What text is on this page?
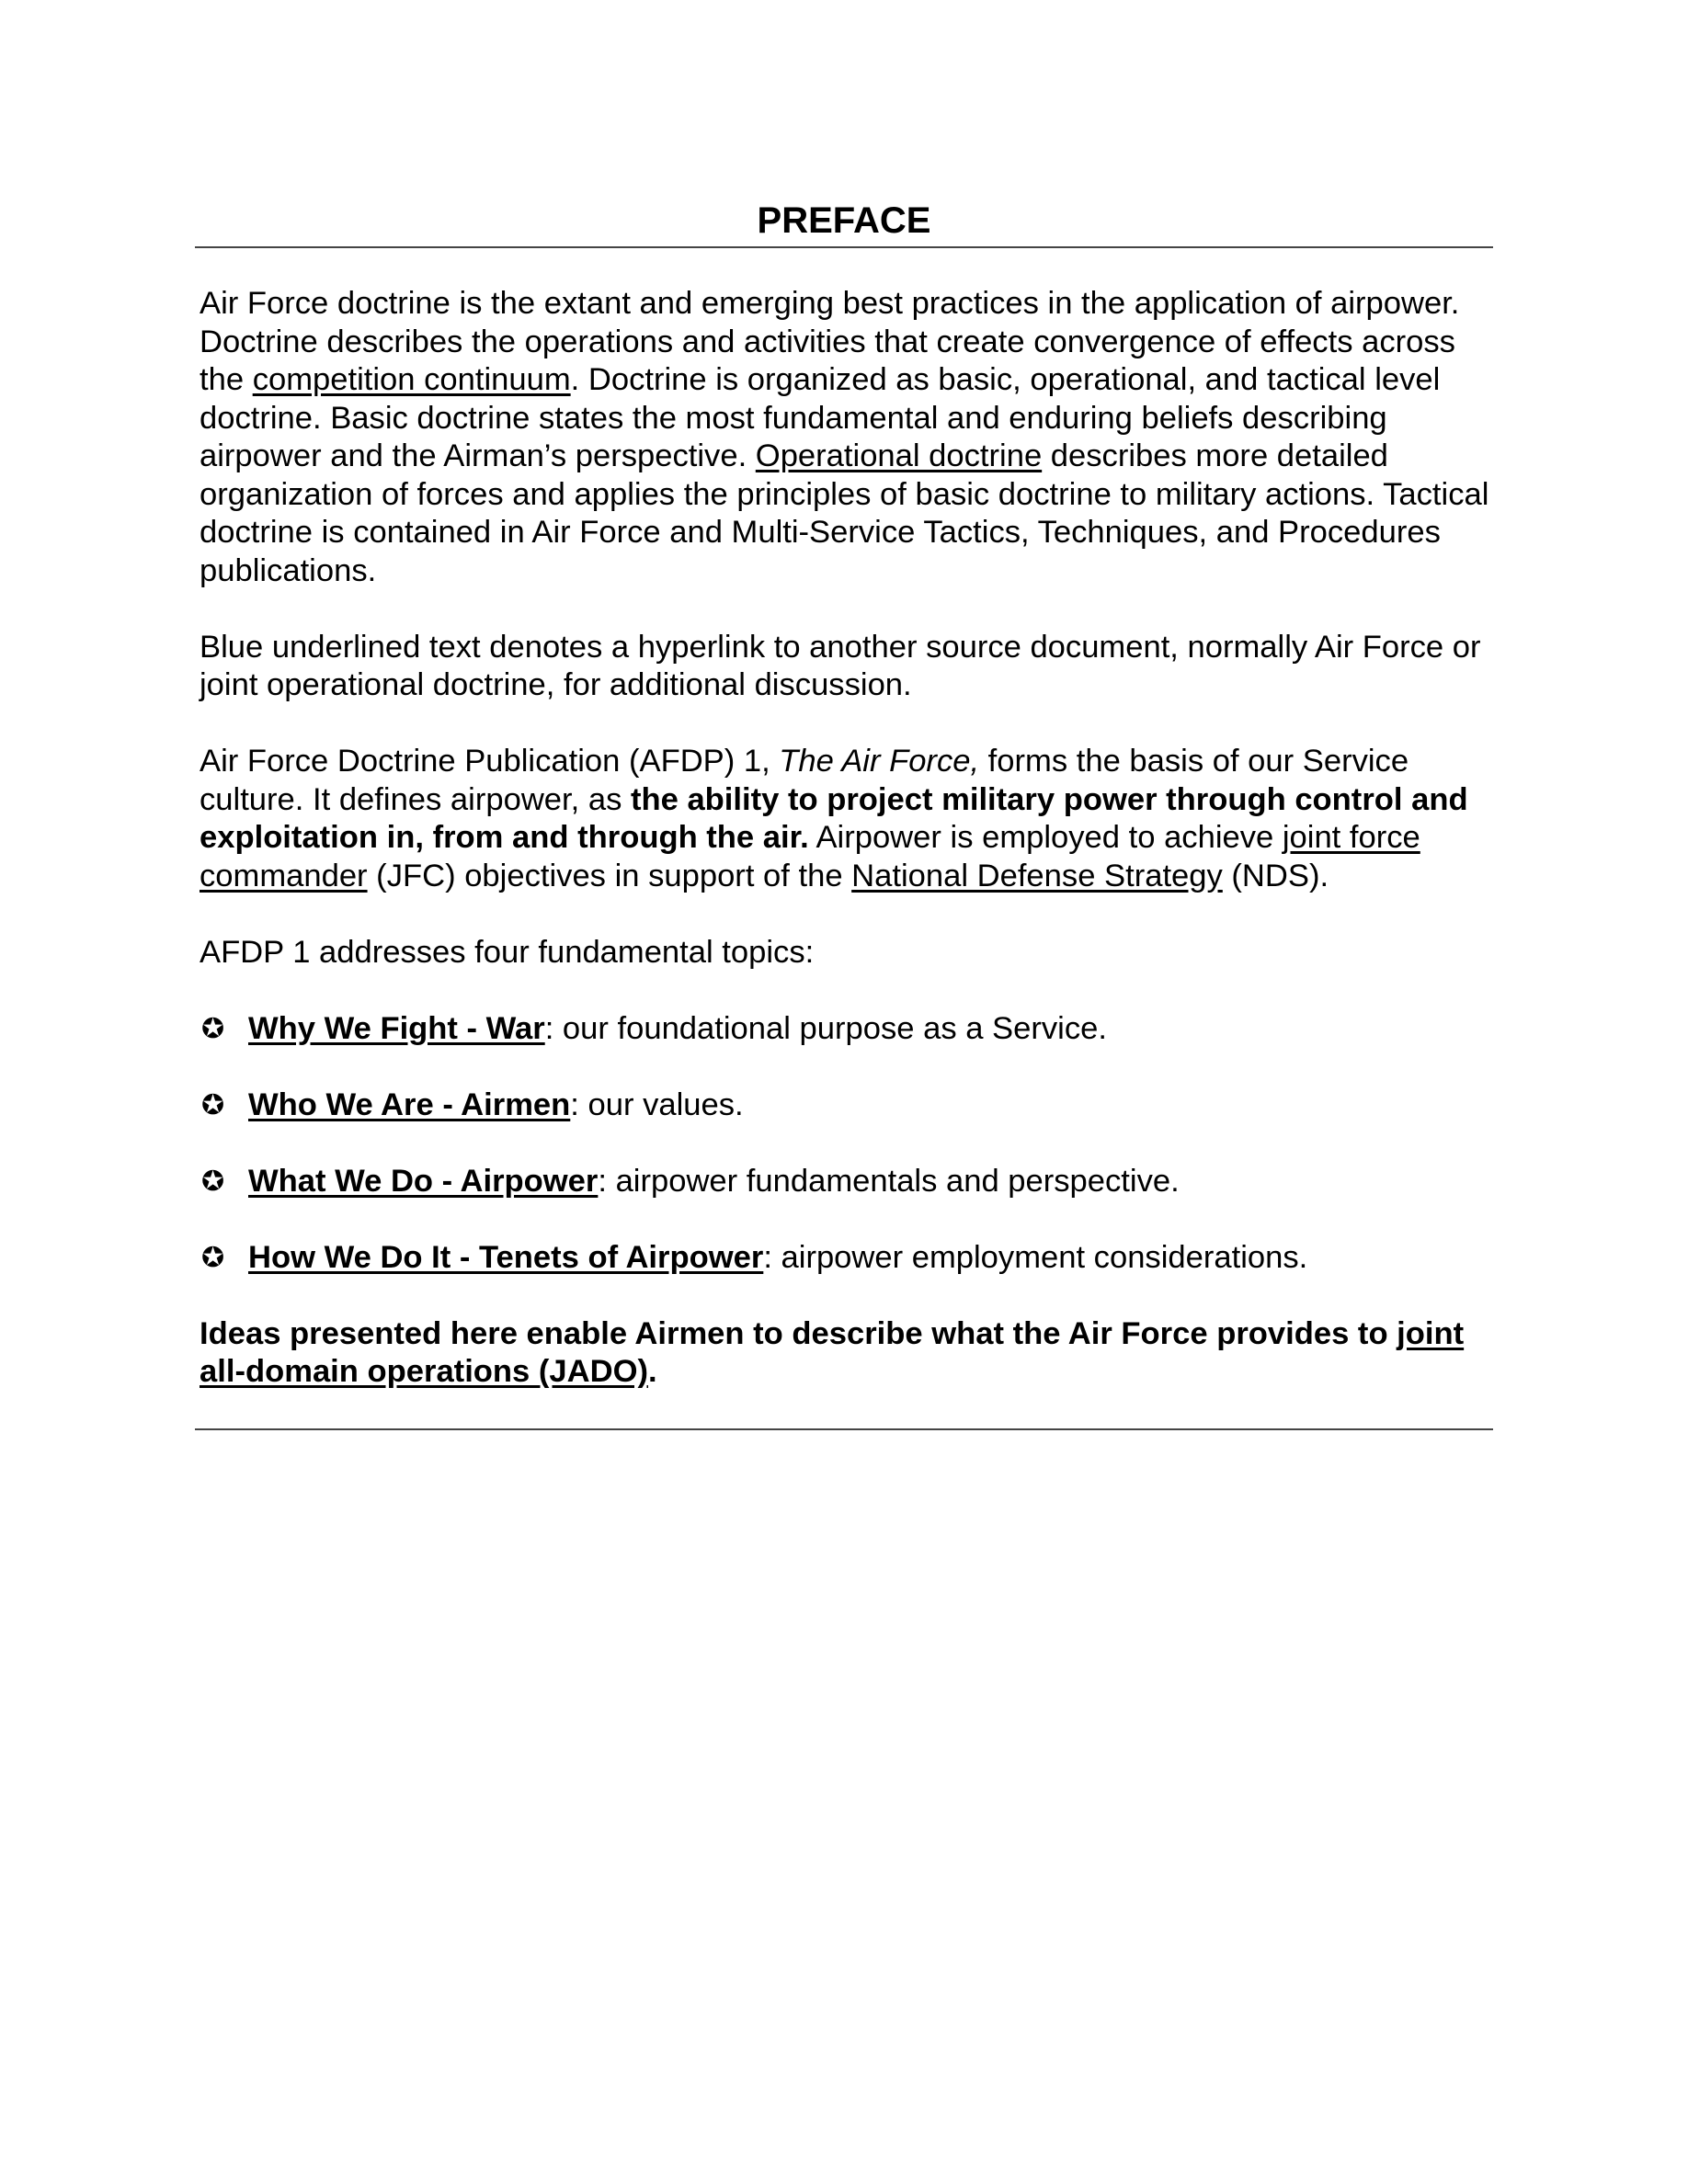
PREFACE

Air Force doctrine is the extant and emerging best practices in the application of airpower. Doctrine describes the operations and activities that create convergence of effects across the competition continuum. Doctrine is organized as basic, operational, and tactical level doctrine. Basic doctrine states the most fundamental and enduring beliefs describing airpower and the Airman’s perspective. Operational doctrine describes more detailed organization of forces and applies the principles of basic doctrine to military actions. Tactical doctrine is contained in Air Force and Multi-Service Tactics, Techniques, and Procedures publications.

Blue underlined text denotes a hyperlink to another source document, normally Air Force or joint operational doctrine, for additional discussion.

Air Force Doctrine Publication (AFDP) 1, The Air Force, forms the basis of our Service culture. It defines airpower, as the ability to project military power through control and exploitation in, from and through the air. Airpower is employed to achieve joint force commander (JFC) objectives in support of the National Defense Strategy (NDS).

AFDP 1 addresses four fundamental topics:

✪ Why We Fight - War: our foundational purpose as a Service.
✪ Who We Are - Airmen: our values.
✪ What We Do - Airpower: airpower fundamentals and perspective.
✪ How We Do It - Tenets of Airpower: airpower employment considerations.

Ideas presented here enable Airmen to describe what the Air Force provides to joint all-domain operations (JADO).
